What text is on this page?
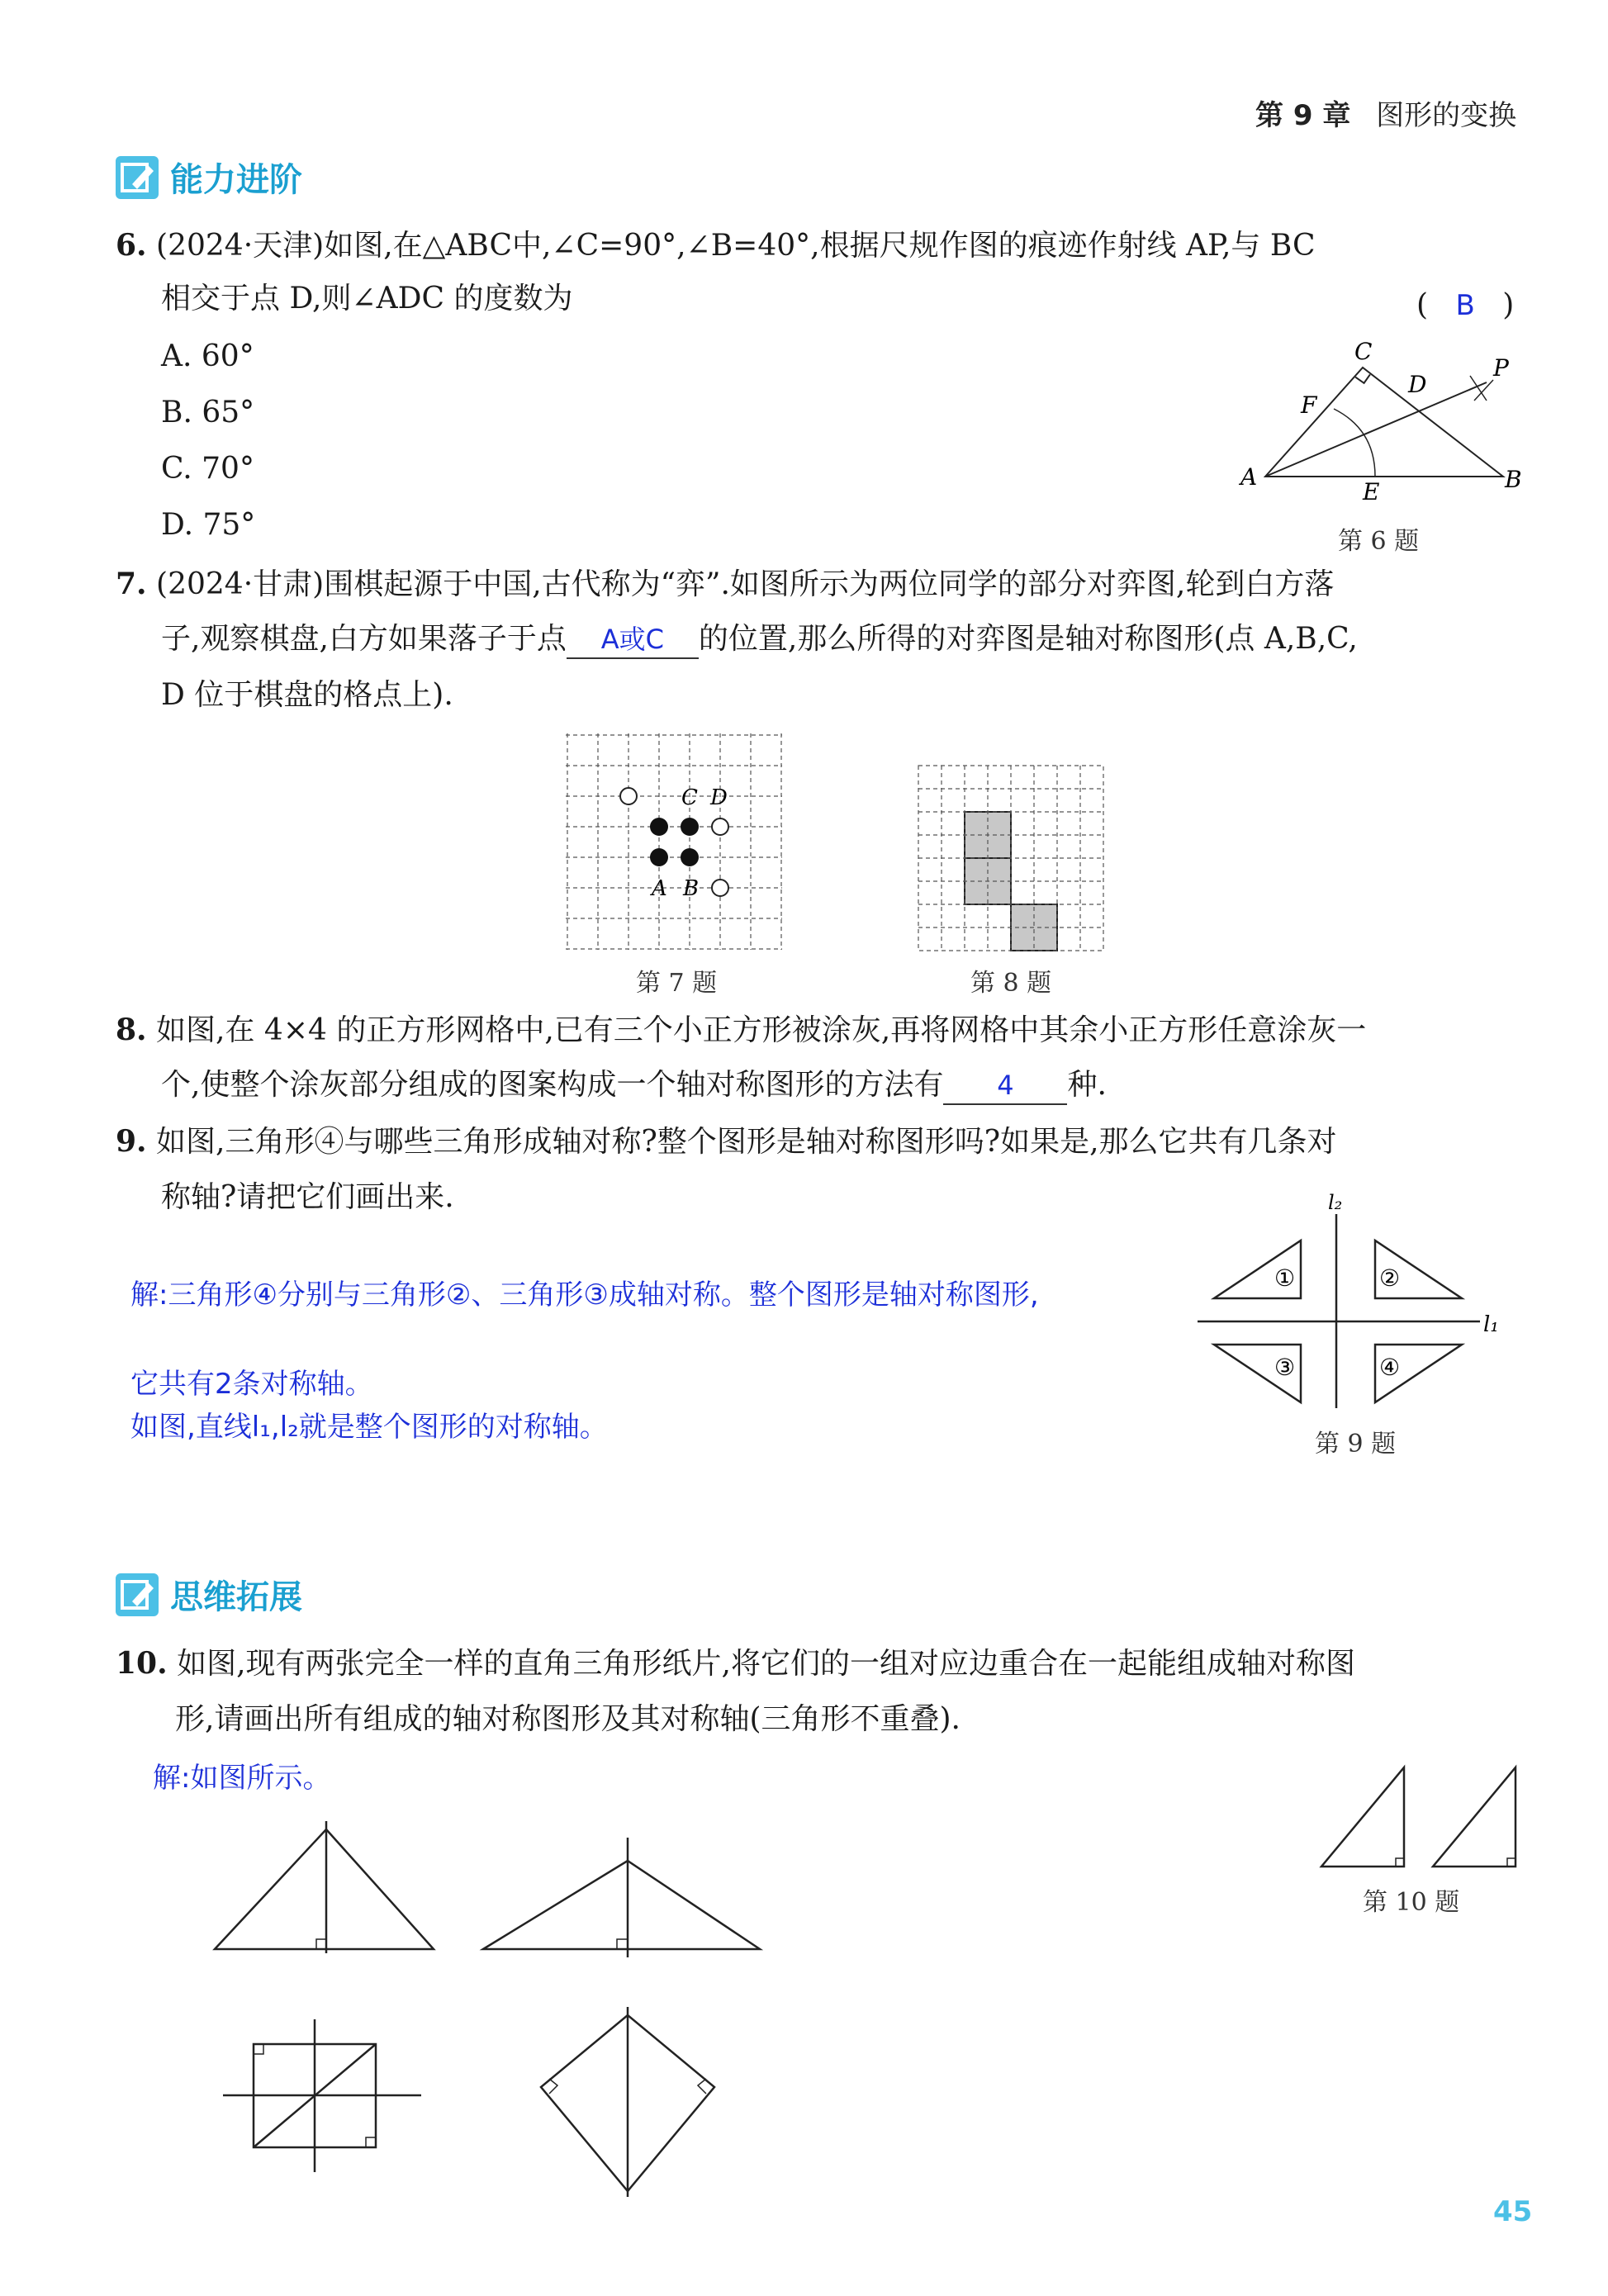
第 9 章 图形的变换
能力进阶
6. (2024·天津)如图,在△ABC中,∠C=90°,∠B=40°,根据尺规作图的痕迹作射线 AP,与 BC
相交于点 D,则∠ADC 的度数为	( B )
A. 60°
B. 65°
C. 70°
D. 75°
C
P
F
D
A
E	B
第 6 题
7. (2024·甘肃)围棋起源于中国,古代称为“弈”.如图所示为两位同学的部分对弈图,轮到白方落
子,观察棋盘,白方如果落子于点 A或C 的位置,那么所得的对弈图是轴对称图形(点 A,B,C,
D 位于棋盘的格点上).
C D
A B
第 7 题	第 8 题
8. 如图,在 4×4 的正方形网格中,已有三个小正方形被涂灰,再将网格中其余小正方形任意涂灰一
个,使整个涂灰部分组成的图案构成一个轴对称图形的方法有 4 种.
9. 如图,三角形④与哪些三角形成轴对称?整个图形是轴对称图形吗?如果是,那么它共有几条对
称轴?请把它们画出来.
解:三角形④分别与三角形②、三角形③成轴对称。整个图形是轴对称图形,
它共有2条对称轴。
如图,直线l₁,l₂就是整个图形的对称轴。
①	②
③	④
l₁
l₂
第 9 题
思维拓展
10. 如图,现有两张完全一样的直角三角形纸片,将它们的一组对应边重合在一起能组成轴对称图
形,请画出所有组成的轴对称图形及其对称轴(三角形不重叠).
解:如图所示。
第 10 题
45
